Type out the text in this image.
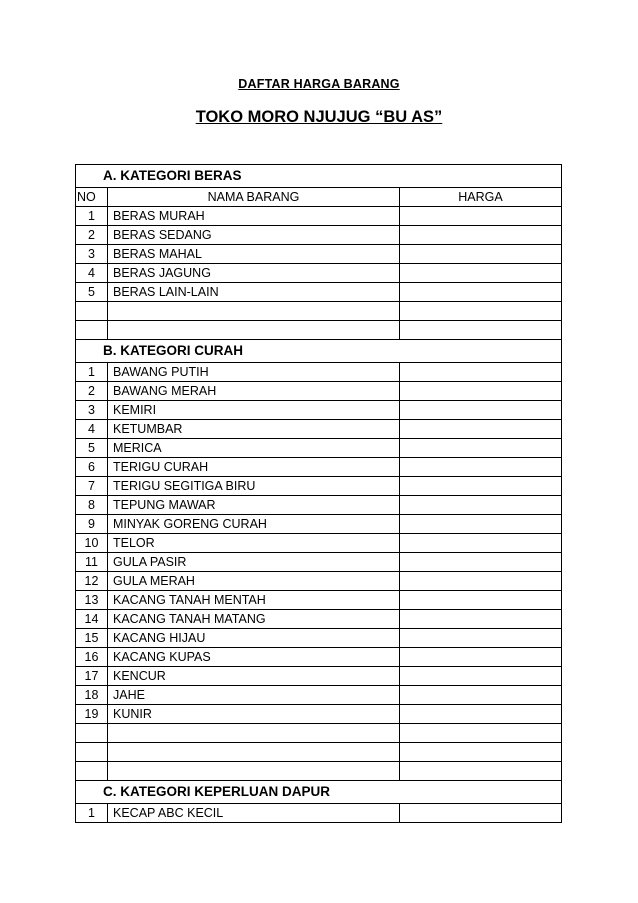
DAFTAR HARGA BARANG
TOKO MORO NJUJUG “BU AS”
A. KATEGORI BERAS		
NO	NAMA BARANG	HARGA
1	BERAS MURAH	
2	BERAS SEDANG	
3	BERAS MAHAL	
4	BERAS JAGUNG	
5	BERAS LAIN-LAIN	

B. KATEGORI CURAH		
1	BAWANG PUTIH	
2	BAWANG MERAH	
3	KEMIRI	
4	KETUMBAR	
5	MERICA	
6	TERIGU CURAH	
7	TERIGU SEGITIGA BIRU	
8	TEPUNG MAWAR	
9	MINYAK GORENG CURAH	
10	TELOR	
11	GULA PASIR	
12	GULA MERAH	
13	KACANG TANAH MENTAH	
14	KACANG TANAH MATANG	
15	KACANG HIJAU	
16	KACANG KUPAS	
17	KENCUR	
18	JAHE	
19	KUNIR	

C. KATEGORI KEPERLUAN DAPUR		
1	KECAP ABC KECIL	
